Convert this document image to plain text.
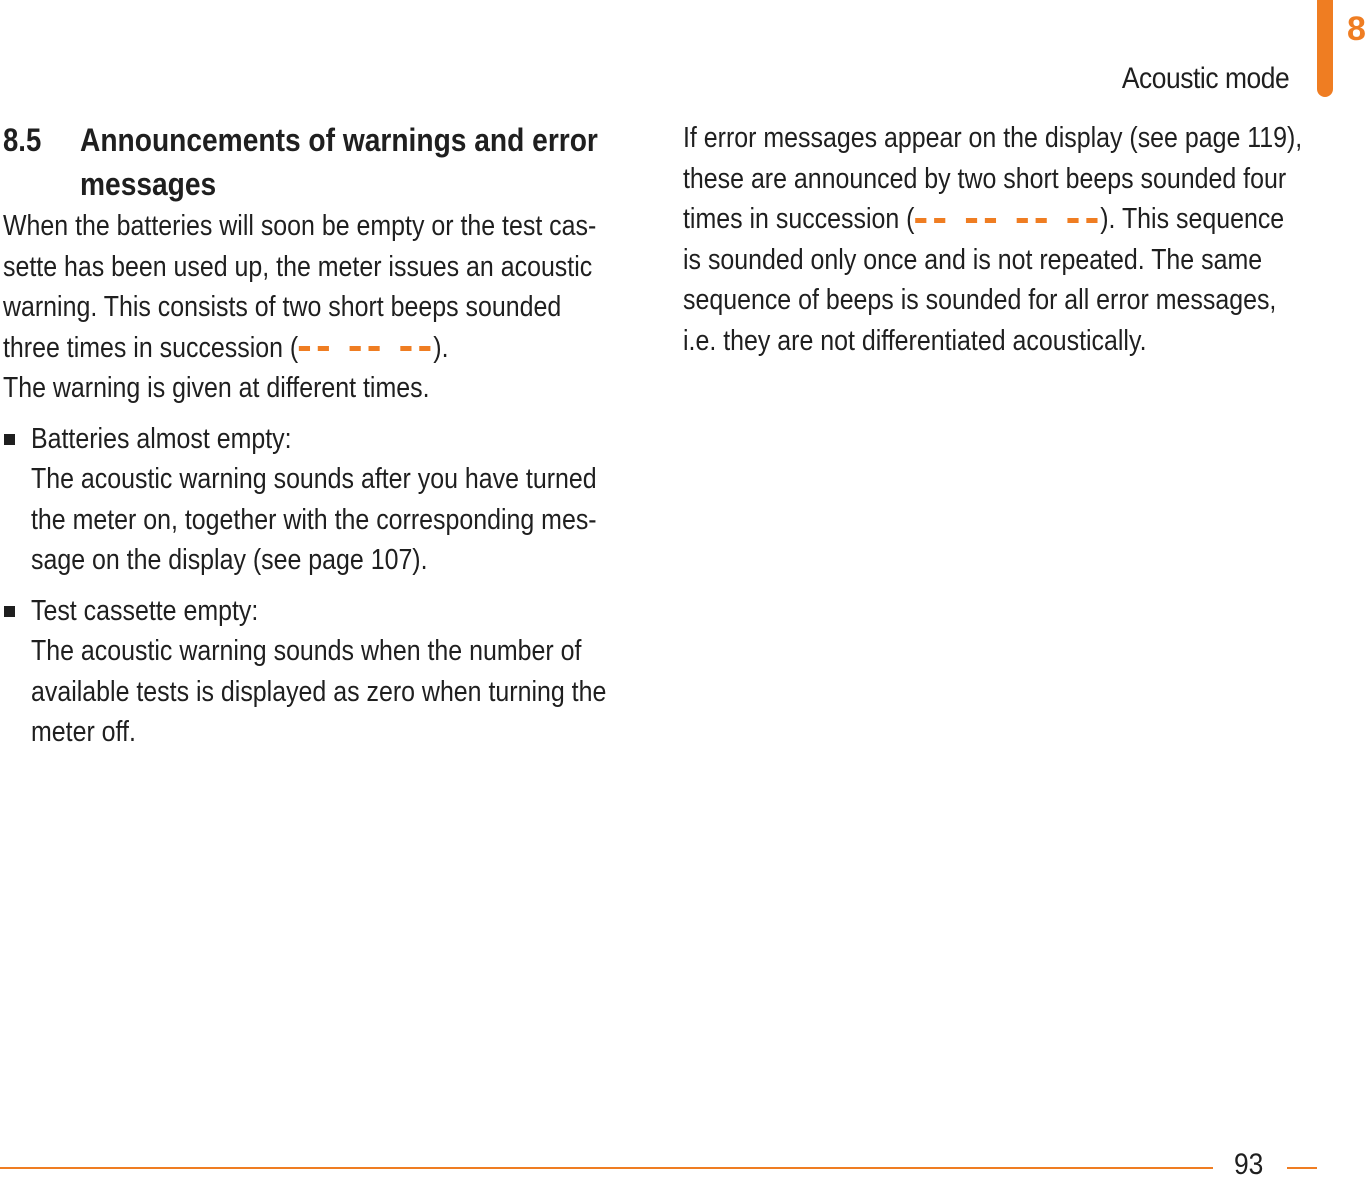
Acoustic mode
8
8.5	Announcements of warnings and error
messages

When the batteries will soon be empty or the test cas-
sette has been used up, the meter issues an acoustic
warning. This consists of two short beeps sounded
three times in succession (	).

The warning is given at different times.

Batteries almost empty:
The acoustic warning sounds after you have turned
the meter on, together with the corresponding mes-
sage on the display (see page 107).
Test cassette empty:
The acoustic warning sounds when the number of
available tests is displayed as zero when turning the
meter off.

If error messages appear on the display (see page 119),
these are announced by two short beeps sounded four
times in succession (	). This sequence
is sounded only once and is not repeated. The same
sequence of beeps is sounded for all error messages,
i.e. they are not differentiated acoustically.

93
